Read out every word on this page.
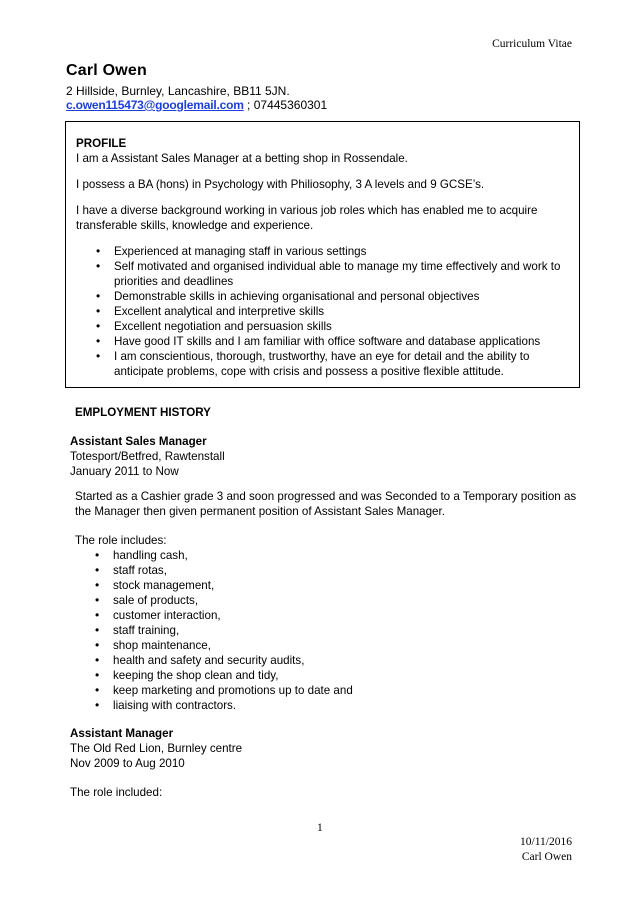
Curriculum Vitae
Carl Owen
2 Hillside, Burnley, Lancashire, BB11 5JN.
c.owen115473@googlemail.com ; 07445360301

PROFILE

I am a Assistant Sales Manager at a betting shop in Rossendale.

I possess a BA (hons) in Psychology with Philiosophy, 3 A levels and 9 GCSE’s.

I have a diverse background working in various job roles which has enabled me to acquire transferable skills, knowledge and experience.

• Experienced at managing staff in various settings
• Self motivated and organised individual able to manage my time effectively and work to priorities and deadlines
• Demonstrable skills in achieving organisational and personal objectives
• Excellent analytical and interpretive skills
• Excellent negotiation and persuasion skills
• Have good IT skills and I am familiar with office software and database applications
• I am conscientious, thorough, trustworthy, have an eye for detail and the ability to anticipate problems, cope with crisis and possess a positive flexible attitude.

EMPLOYMENT HISTORY

Assistant Sales Manager

Totesport/Betfred, Rawtenstall

January 2011 to Now

Started as a Cashier grade 3 and soon progressed and was Seconded to a Temporary position as the Manager then given permanent position of Assistant Sales Manager.

The role includes:

• handling cash,
• staff rotas,
• stock management,
• sale of products,
• customer interaction,
• staff training,
• shop maintenance,
• health and safety and security audits,
• keeping the shop clean and tidy,
• keep marketing and promotions up to date and
• liaising with contractors.

Assistant Manager

The Old Red Lion, Burnley centre

Nov 2009 to Aug 2010

The role included:

1
10/11/2016
Carl Owen
